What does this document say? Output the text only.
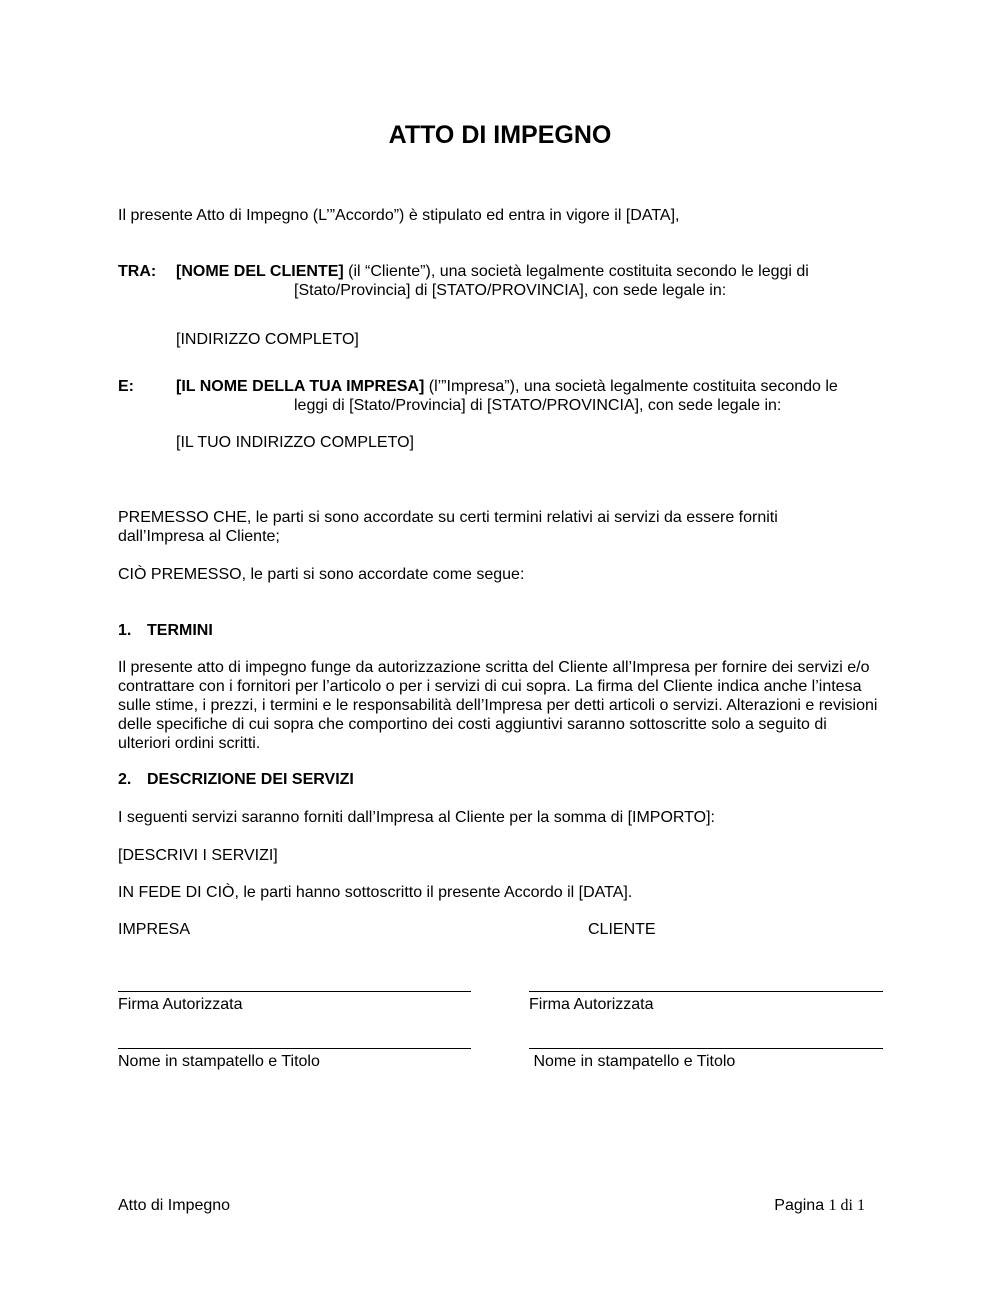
ATTO DI IMPEGNO
Il presente Atto di Impegno (L’”Accordo”) è stipulato ed entra in vigore il [DATA],
TRA: [NOME DEL CLIENTE] (il “Cliente”), una società legalmente costituita secondo le leggi di
[Stato/Provincia] di [STATO/PROVINCIA], con sede legale in:
[INDIRIZZO COMPLETO]
E:	[IL NOME DELLA TUA IMPRESA] (l’”Impresa”), una società legalmente costituita secondo le
leggi di [Stato/Provincia] di [STATO/PROVINCIA], con sede legale in:
[IL TUO INDIRIZZO COMPLETO]
PREMESSO CHE, le parti si sono accordate su certi termini relativi ai servizi da essere forniti dall’Impresa al Cliente;
CIÒ PREMESSO, le parti si sono accordate come segue:
1. TERMINI
Il presente atto di impegno funge da autorizzazione scritta del Cliente all’Impresa per fornire dei servizi e/o contrattare con i fornitori per l’articolo o per i servizi di cui sopra. La firma del Cliente indica anche l’intesa sulle stime, i prezzi, i termini e le responsabilità dell’Impresa per detti articoli o servizi. Alterazioni e revisioni delle specifiche di cui sopra che comportino dei costi aggiuntivi saranno sottoscritte solo a seguito di ulteriori ordini scritti.
2. DESCRIZIONE DEI SERVIZI
I seguenti servizi saranno forniti dall’Impresa al Cliente per la somma di [IMPORTO]:
[DESCRIVI I SERVIZI]
IN FEDE DI CIÒ, le parti hanno sottoscritto il presente Accordo il [DATA].
IMPRESA	CLIENTE
Firma Autorizzata	Firma Autorizzata
Nome in stampatello e Titolo	Nome in stampatello e Titolo
Atto di Impegno	Pagina 1 di 1
